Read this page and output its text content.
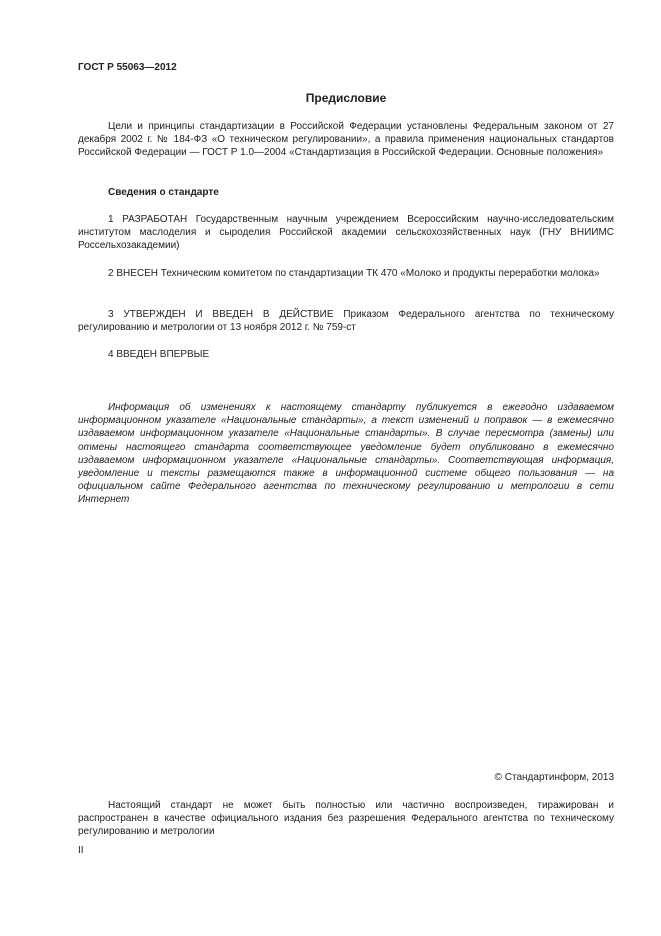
ГОСТ Р 55063—2012
Предисловие

Цели и принципы стандартизации в Российской Федерации установлены Федеральным законом от 27 декабря 2002 г. № 184-ФЗ «О техническом регулировании», а правила применения национальных стандартов Российской Федерации — ГОСТ Р 1.0—2004 «Стандартизация в Российской Федерации. Основные положения»

Сведения о стандарте

1 РАЗРАБОТАН Государственным научным учреждением Всероссийским научно-исследовательским институтом маслоделия и сыроделия Российской академии сельскохозяйственных наук (ГНУ ВНИИМС Россельхозакадемии)

2 ВНЕСЕН Техническим комитетом по стандартизации ТК 470 «Молоко и продукты переработки молока»

3 УТВЕРЖДЕН И ВВЕДЕН В ДЕЙСТВИЕ Приказом Федерального агентства по техническому регулированию и метрологии от 13 ноября 2012 г. № 759-ст

4 ВВЕДЕН ВПЕРВЫЕ

Информация об изменениях к настоящему стандарту публикуется в ежегодно издаваемом информационном указателе «Национальные стандарты», а текст изменений и поправок — в ежемесячно издаваемом информационном указателе «Национальные стандарты». В случае пересмотра (замены) или отмены настоящего стандарта соответствующее уведомление будет опубликовано в ежемесячно издаваемом информационном указателе «Национальные стандарты». Соответствующая информация, уведомление и тексты размещаются также в информационной системе общего пользования — на официальном сайте Федерального агентства по техническому регулированию и метрологии в сети Интернет

© Стандартинформ, 2013

Настоящий стандарт не может быть полностью или частично воспроизведен, тиражирован и распространен в качестве официального издания без разрешения Федерального агентства по техническому регулированию и метрологии

II
